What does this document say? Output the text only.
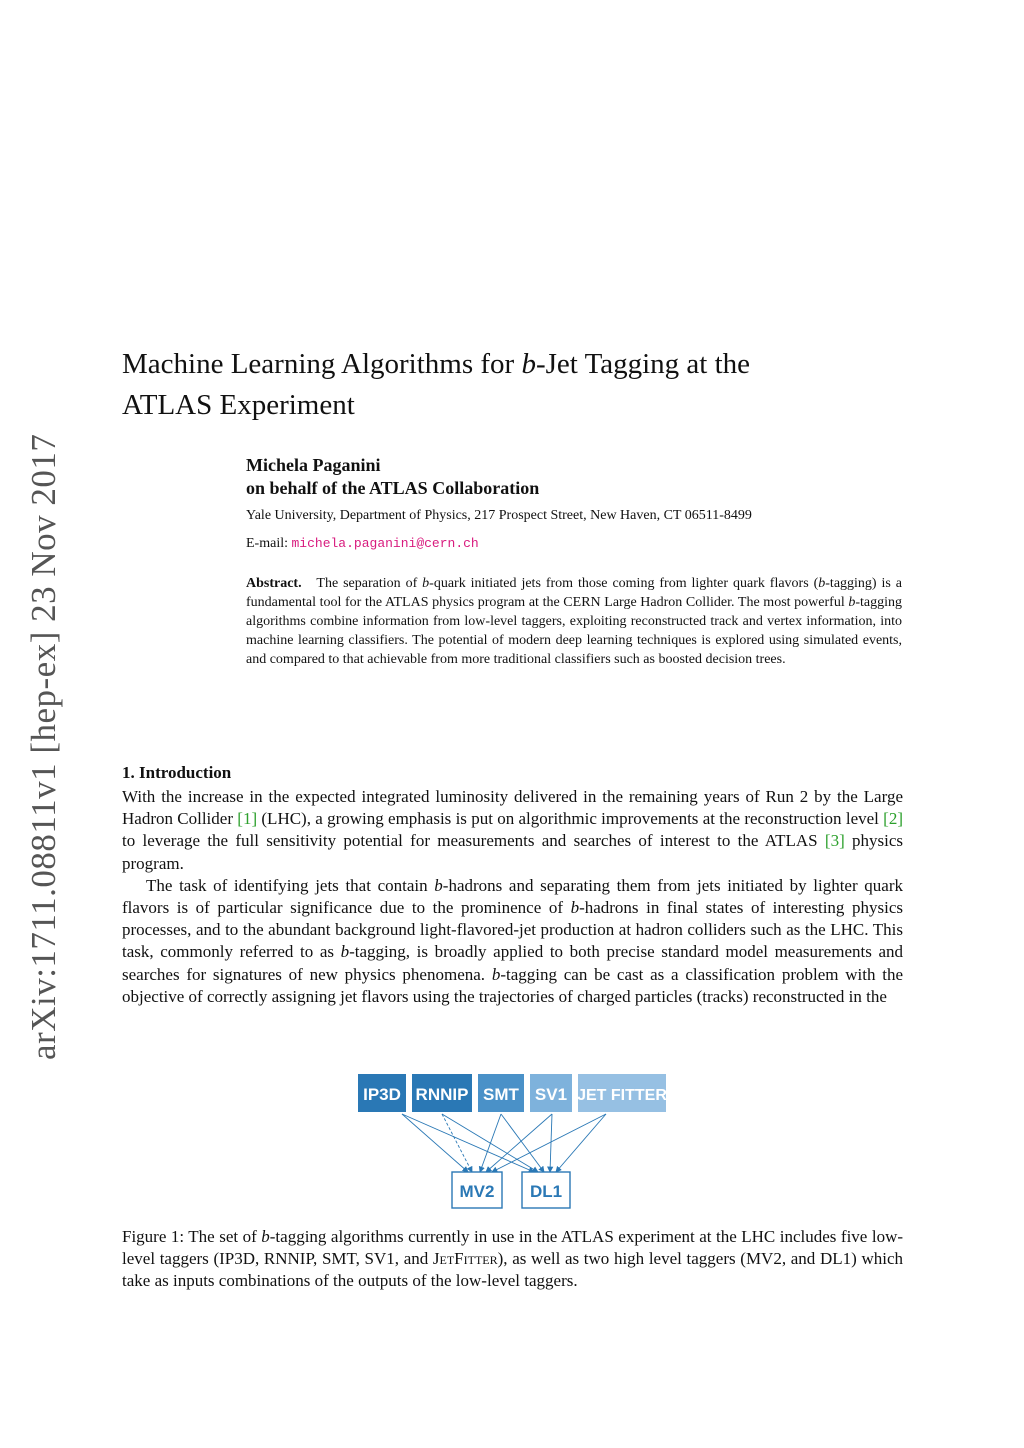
arXiv:1711.08811v1 [hep-ex] 23 Nov 2017
Machine Learning Algorithms for b-Jet Tagging at the
ATLAS Experiment
Michela Paganini
on behalf of the ATLAS Collaboration
Yale University, Department of Physics, 217 Prospect Street, New Haven, CT 06511-8499
E-mail: michela.paganini@cern.ch

Abstract. The separation of b-quark initiated jets from those coming from lighter quark flavors (b-tagging) is a fundamental tool for the ATLAS physics program at the CERN Large Hadron Collider. The most powerful b-tagging algorithms combine information from low-level taggers, exploiting reconstructed track and vertex information, into machine learning classifiers. The potential of modern deep learning techniques is explored using simulated events, and compared to that achievable from more traditional classifiers such as boosted decision trees.

1. Introduction

With the increase in the expected integrated luminosity delivered in the remaining years of Run 2 by the Large Hadron Collider [1] (LHC), a growing emphasis is put on algorithmic improvements at the reconstruction level [2] to leverage the full sensitivity potential for measurements and searches of interest to the ATLAS [3] physics program.

The task of identifying jets that contain b-hadrons and separating them from jets initiated by lighter quark flavors is of particular significance due to the prominence of b-hadrons in final states of interesting physics processes, and to the abundant background light-flavored-jet production at hadron colliders such as the LHC. This task, commonly referred to as b-tagging, is broadly applied to both precise standard model measurements and searches for signatures of new physics phenomena. b-tagging can be cast as a classification problem with the objective of correctly assigning jet flavors using the trajectories of charged particles (tracks) reconstructed in the

IP3D RNNIP SMT SV1 JET FITTER
MV2 DL1
Figure 1: The set of b-tagging algorithms currently in use in the ATLAS experiment at the LHC includes five low-level taggers (IP3D, RNNIP, SMT, SV1, and JetFitter), as well as two high level taggers (MV2, and DL1) which take as inputs combinations of the outputs of the low-level taggers.
